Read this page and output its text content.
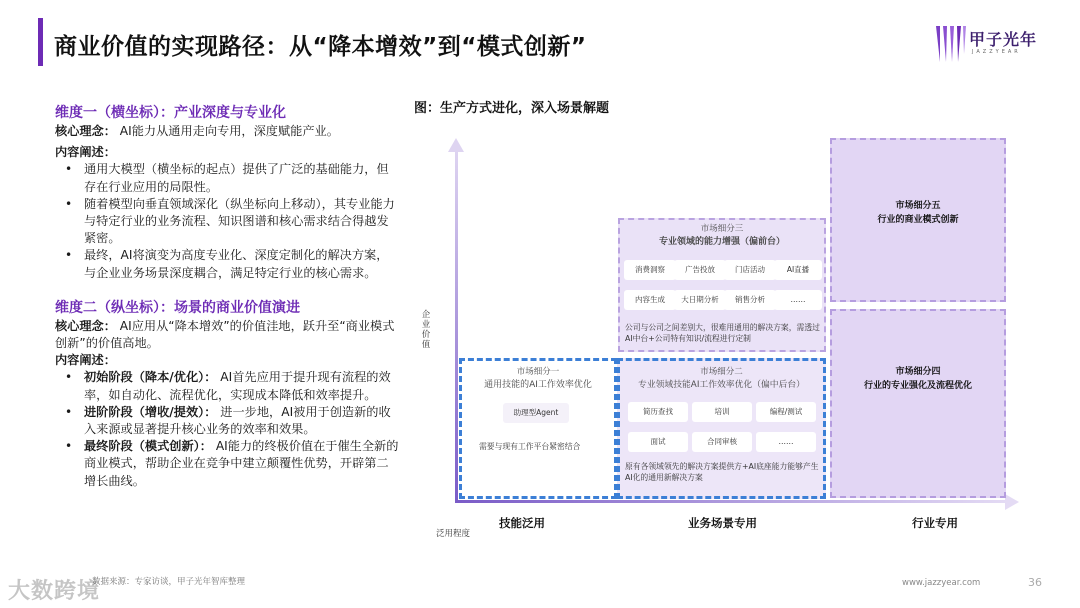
商业价值的实现路径：从“降本增效”到“模式创新”	甲子光年
JAZZYEAR
维度一（横坐标）：产业深度与专业化
核心理念： AI能力从通用走向专用，深度赋能产业。
内容阐述：
• 通用大模型（横坐标的起点）提供了广泛的基础能力，但存在行业应用的局限性。
• 随着模型向垂直领域深化（纵坐标向上移动），其专业能力与特定行业的业务流程、知识图谱和核心需求结合得越发紧密。
• 最终，AI将演变为高度专业化、深度定制化的解决方案，与企业业务场景深度耦合，满足特定行业的核心需求。
维度二（纵坐标）：场景的商业价值演进
核心理念： AI应用从“降本增效”的价值洼地，跃升至“商业模式创新”的价值高地。
内容阐述：
• 初始阶段（降本/优化）： AI首先应用于提升现有流程的效率，如自动化、流程优化，实现成本降低和效率提升。
• 进阶阶段（增收/提效）： 进一步地，AI被用于创造新的收入来源或显著提升核心业务的效率和效果。
• 最终阶段（模式创新）： AI能力的终极价值在于催生全新的商业模式，帮助企业在竞争中建立颠覆性优势，开辟第二增长曲线。
图：生产方式进化，深入场景解题
企业价值
泛用程度
技能泛用	业务场景专用	行业专用
市场细分三
专业领域的能力增强（偏前台）
消费洞察	广告投放	门店活动	AI直播
内容生成	大日期分析	销售分析	……
公司与公司之间差别大，很难用通用的解决方案，需透过AI中台+公司特有知识/流程进行定制
市场细分一
通用技能的AI工作效率优化
助理型Agent
需要与现有工作平台紧密结合
市场细分二
专业领域技能AI工作效率优化（偏中后台）
简历查找	培训	编程/测试
面试	合同审核	……
原有各领域领先的解决方案提供方+AI底座能力能够产生AI化的通用新解决方案
市场细分五
行业的商业模式创新
市场细分四
行业的专业强化及流程优化
大数跨境
数据来源：专家访谈，甲子光年智库整理	www.jazzyear.com	36
